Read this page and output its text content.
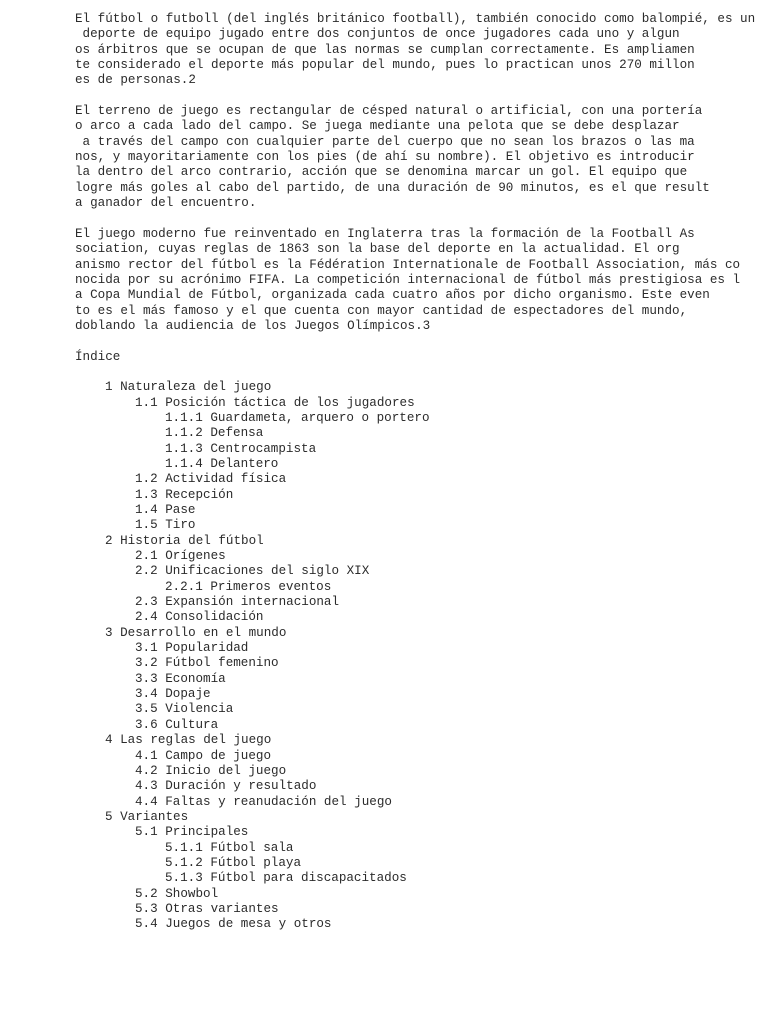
El fútbol o futboll (del inglés británico football), también conocido como balompié, es un
deporte de equipo jugado entre dos conjuntos de once jugadores cada uno y algun
os árbitros que se ocupan de que las normas se cumplan correctamente. Es ampliamen
te considerado el deporte más popular del mundo, pues lo practican unos 270 millon
es de personas.2
El terreno de juego es rectangular de césped natural o artificial, con una portería
o arco a cada lado del campo. Se juega mediante una pelota que se debe desplazar
a través del campo con cualquier parte del cuerpo que no sean los brazos o las ma
nos, y mayoritariamente con los pies (de ahí su nombre). El objetivo es introducir
la dentro del arco contrario, acción que se denomina marcar un gol. El equipo que
logre más goles al cabo del partido, de una duración de 90 minutos, es el que result
a ganador del encuentro.
El juego moderno fue reinventado en Inglaterra tras la formación de la Football As
sociation, cuyas reglas de 1863 son la base del deporte en la actualidad. El org
anismo rector del fútbol es la Fédération Internationale de Football Association, más co
nocida por su acrónimo FIFA. La competición internacional de fútbol más prestigiosa es l
a Copa Mundial de Fútbol, organizada cada cuatro años por dicho organismo. Este even
to es el más famoso y el que cuenta con mayor cantidad de espectadores del mundo,
doblando la audiencia de los Juegos Olímpicos.3
Índice
1 Naturaleza del juego
1.1 Posición táctica de los jugadores
1.1.1 Guardameta, arquero o portero
1.1.2 Defensa
1.1.3 Centrocampista
1.1.4 Delantero
1.2 Actividad física
1.3 Recepción
1.4 Pase
1.5 Tiro
2 Historia del fútbol
2.1 Orígenes
2.2 Unificaciones del siglo XIX
2.2.1 Primeros eventos
2.3 Expansión internacional
2.4 Consolidación
3 Desarrollo en el mundo
3.1 Popularidad
3.2 Fútbol femenino
3.3 Economía
3.4 Dopaje
3.5 Violencia
3.6 Cultura
4 Las reglas del juego
4.1 Campo de juego
4.2 Inicio del juego
4.3 Duración y resultado
4.4 Faltas y reanudación del juego
5 Variantes
5.1 Principales
5.1.1 Fútbol sala
5.1.2 Fútbol playa
5.1.3 Fútbol para discapacitados
5.2 Showbol
5.3 Otras variantes
5.4 Juegos de mesa y otros
